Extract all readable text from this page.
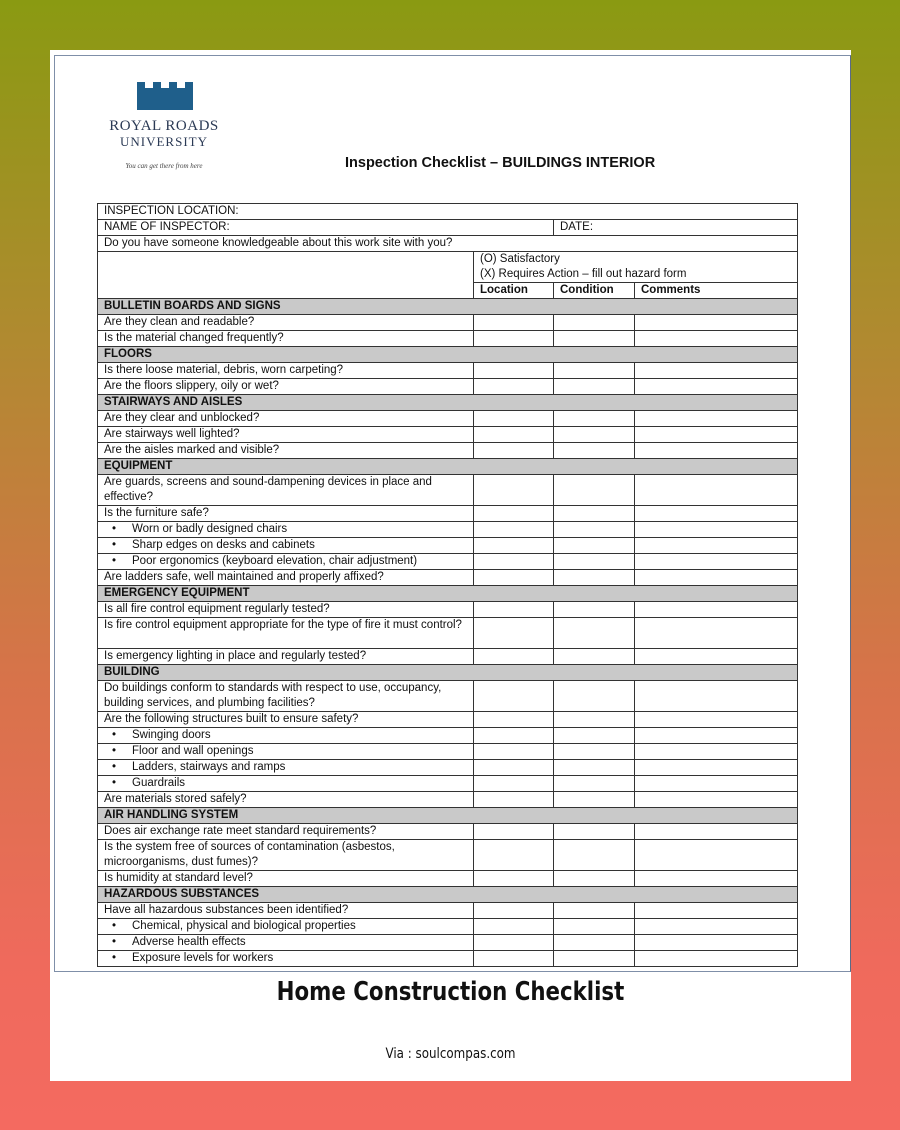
ROYAL ROADS
UNIVERSITY
You can get there from here	Inspection Checklist – BUILDINGS INTERIOR
INSPECTION LOCATION:			
NAME OF INSPECTOR:		DATE:	
Do you have someone knowledgeable about this work site with you?			
	(O) Satisfactory		
	(X) Requires Action – fill out hazard form		
	Location	Condition	Comments
BULLETIN BOARDS AND SIGNS			
Are they clean and readable?			
Is the material changed frequently?			
FLOORS			
Is there loose material, debris, worn carpeting?			
Are the floors slippery, oily or wet?			
STAIRWAYS AND AISLES			
Are they clear and unblocked?			
Are stairways well lighted?			
Are the aisles marked and visible?			
EQUIPMENT			
Are guards, screens and sound-dampening devices in place and effective?			
Is the furniture safe?			
• Worn or badly designed chairs			
• Sharp edges on desks and cabinets			
• Poor ergonomics (keyboard elevation, chair adjustment)			
Are ladders safe, well maintained and properly affixed?			
EMERGENCY EQUIPMENT			
Is all fire control equipment regularly tested?			
Is fire control equipment appropriate for the type of fire it must control?			
Is emergency lighting in place and regularly tested?			
BUILDING			
Do buildings conform to standards with respect to use, occupancy, building services, and plumbing facilities?			
Are the following structures built to ensure safety?			
• Swinging doors			
• Floor and wall openings			
• Ladders, stairways and ramps			
• Guardrails			
Are materials stored safely?			
AIR HANDLING SYSTEM			
Does air exchange rate meet standard requirements?			
Is the system free of sources of contamination (asbestos, microorganisms, dust fumes)?			
Is humidity at standard level?			
HAZARDOUS SUBSTANCES			
Have all hazardous substances been identified?			
• Chemical, physical and biological properties			
• Adverse health effects			
• Exposure levels for workers			
Home Construction Checklist
Via : soulcompas.com
